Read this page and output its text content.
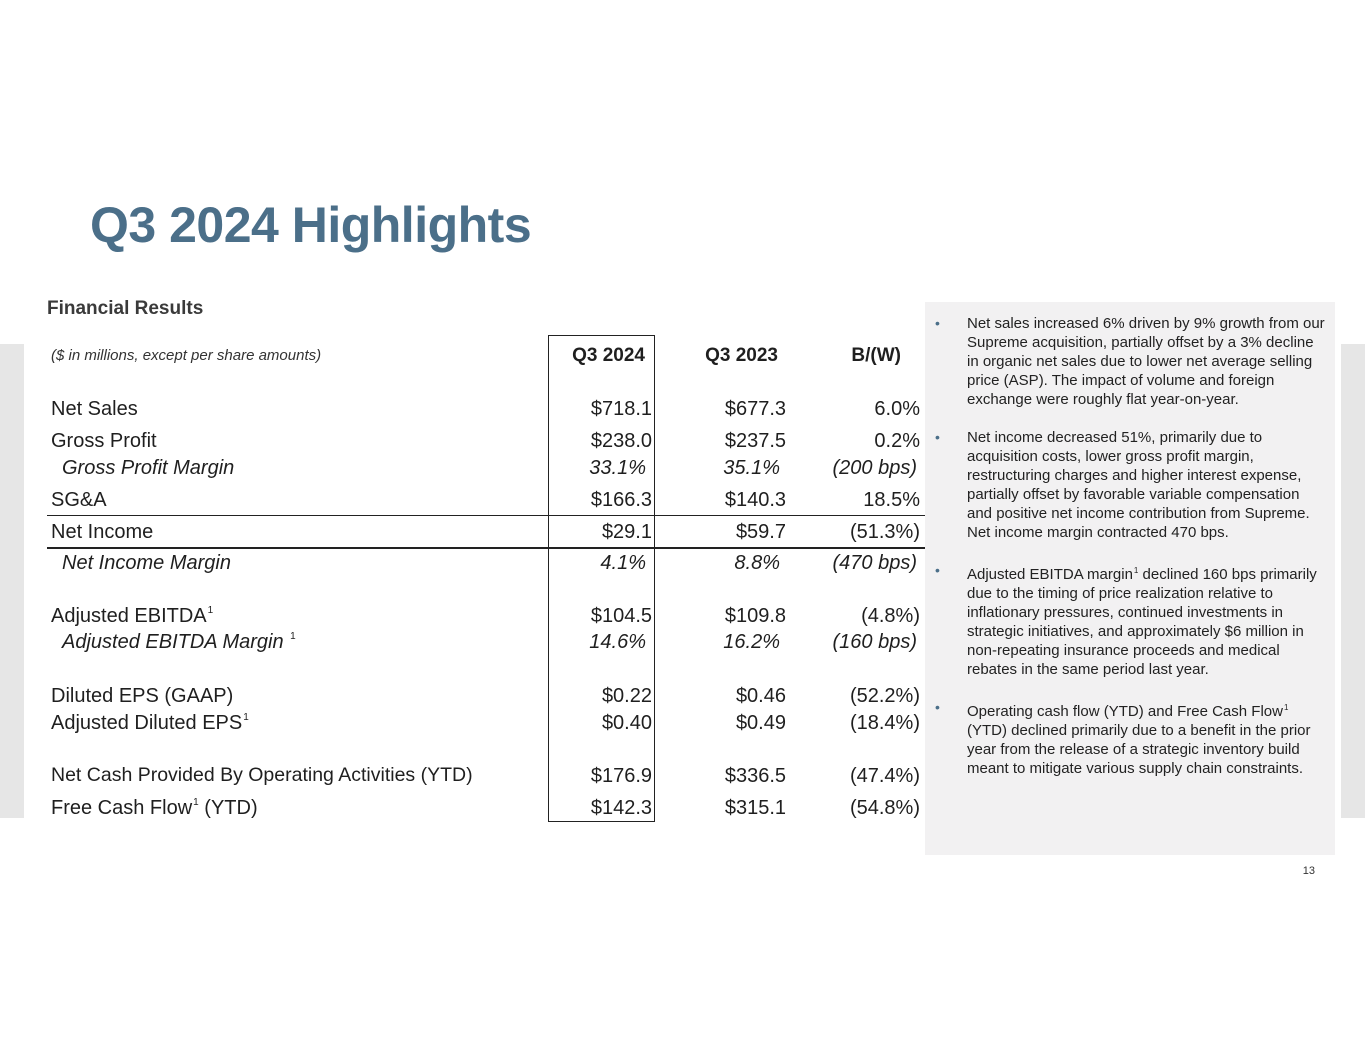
Q3 2024 Highlights
Financial Results
($ in millions, except per share amounts)	Q3 2024	Q3 2023	B/(W)
Net Sales	$718.1	$677.3	6.0%
Gross Profit	$238.0	$237.5	0.2%
Gross Profit Margin	33.1%	35.1%	(200 bps)
SG&A	$166.3	$140.3	18.5%
Net Income	$29.1	$59.7	(51.3%)
Net Income Margin	4.1%	8.8%	(470 bps)
Adjusted EBITDA$^1$	$104.5	$109.8	(4.8%)
Adjusted EBITDA Margin $^1$	14.6%	16.2%	(160 bps)
Diluted EPS (GAAP)	$0.22	$0.46	(52.2%)
Adjusted Diluted EPS$^1$	$0.40	$0.49	(18.4%)
Net Cash Provided By Operating Activities (YTD)	$176.9	$336.5	(47.4%)
Free Cash Flow$^1$ (YTD)	$142.3	$315.1	(54.8%)
• Net sales increased 6% driven by 9% growth from our Supreme acquisition, partially offset by a 3% decline in organic net sales due to lower net average selling price (ASP). The impact of volume and foreign exchange were roughly flat year-on-year.
• Net income decreased 51%, primarily due to acquisition costs, lower gross profit margin, restructuring charges and higher interest expense, partially offset by favorable variable compensation and positive net income contribution from Supreme. Net income margin contracted 470 bps.
• Adjusted EBITDA margin$^1$ declined 160 bps primarily due to the timing of price realization relative to inflationary pressures, continued investments in strategic initiatives, and approximately $6 million in non-repeating insurance proceeds and medical rebates in the same period last year.
• Operating cash flow (YTD) and Free Cash Flow$^1$ (YTD) declined primarily due to a benefit in the prior year from the release of a strategic inventory build meant to mitigate various supply chain constraints.
13
